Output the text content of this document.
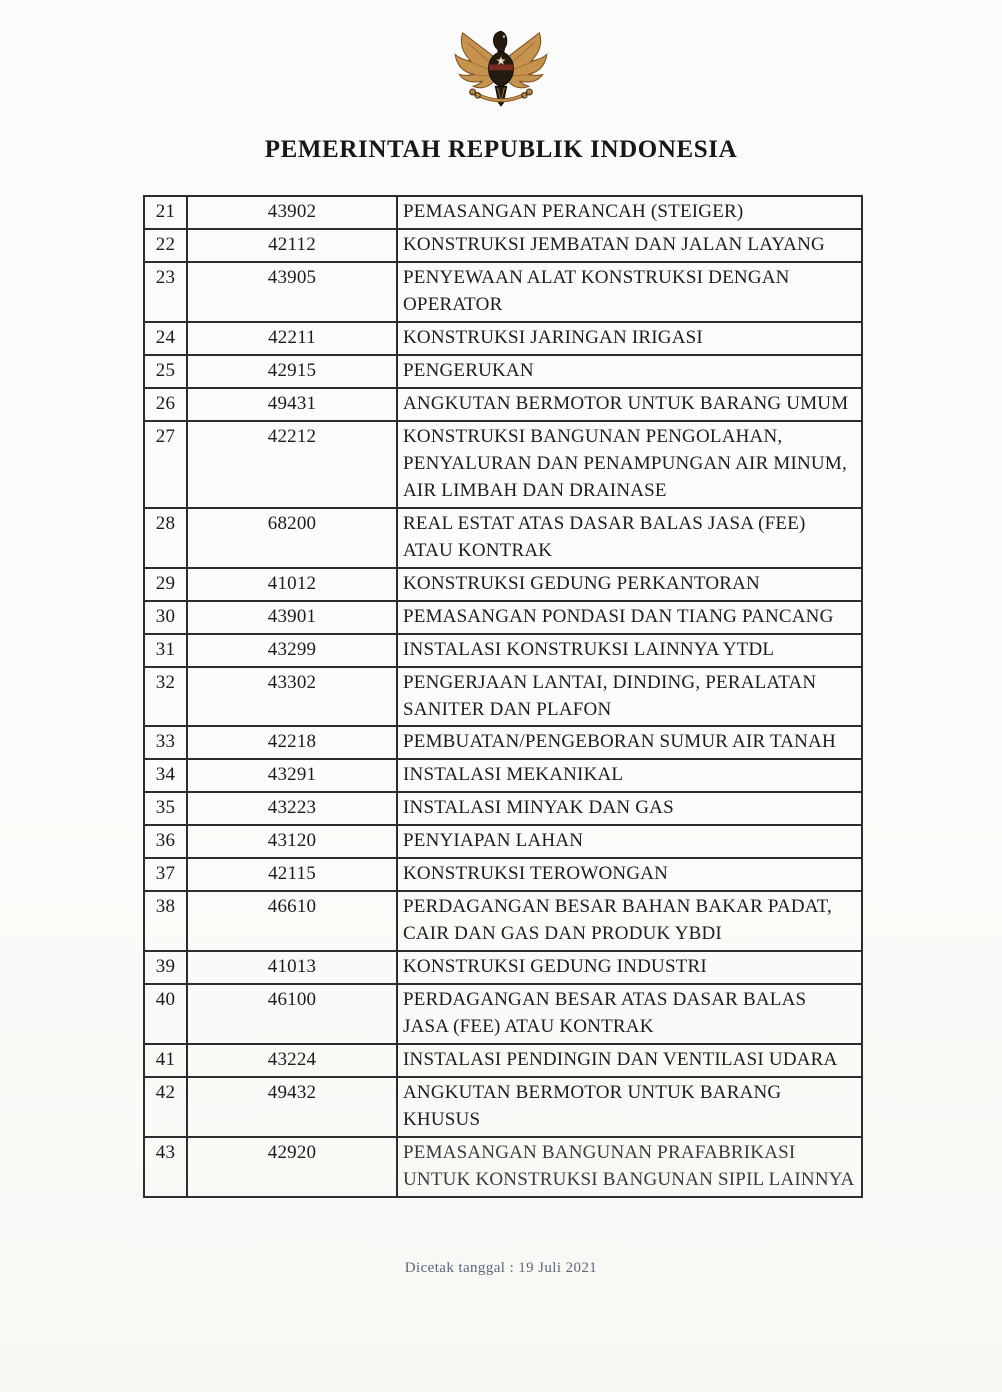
PEMERINTAH REPUBLIK INDONESIA
21	43902	PEMASANGAN PERANCAH (STEIGER)
22	42112	KONSTRUKSI JEMBATAN DAN JALAN LAYANG
23	43905	PENYEWAAN ALAT KONSTRUKSI DENGAN OPERATOR
24	42211	KONSTRUKSI JARINGAN IRIGASI
25	42915	PENGERUKAN
26	49431	ANGKUTAN BERMOTOR UNTUK BARANG UMUM
27	42212	KONSTRUKSI BANGUNAN PENGOLAHAN, PENYALURAN DAN PENAMPUNGAN AIR MINUM, AIR LIMBAH DAN DRAINASE
28	68200	REAL ESTAT ATAS DASAR BALAS JASA (FEE) ATAU KONTRAK
29	41012	KONSTRUKSI GEDUNG PERKANTORAN
30	43901	PEMASANGAN PONDASI DAN TIANG PANCANG
31	43299	INSTALASI KONSTRUKSI LAINNYA YTDL
32	43302	PENGERJAAN LANTAI, DINDING, PERALATAN SANITER DAN PLAFON
33	42218	PEMBUATAN/PENGEBORAN SUMUR AIR TANAH
34	43291	INSTALASI MEKANIKAL
35	43223	INSTALASI MINYAK DAN GAS
36	43120	PENYIAPAN LAHAN
37	42115	KONSTRUKSI TEROWONGAN
38	46610	PERDAGANGAN BESAR BAHAN BAKAR PADAT, CAIR DAN GAS DAN PRODUK YBDI
39	41013	KONSTRUKSI GEDUNG INDUSTRI
40	46100	PERDAGANGAN BESAR ATAS DASAR BALAS JASA (FEE) ATAU KONTRAK
41	43224	INSTALASI PENDINGIN DAN VENTILASI UDARA
42	49432	ANGKUTAN BERMOTOR UNTUK BARANG KHUSUS
43	42920	PEMASANGAN BANGUNAN PRAFABRIKASI UNTUK KONSTRUKSI BANGUNAN SIPIL LAINNYA
Dicetak tanggal : 19 Juli 2021
